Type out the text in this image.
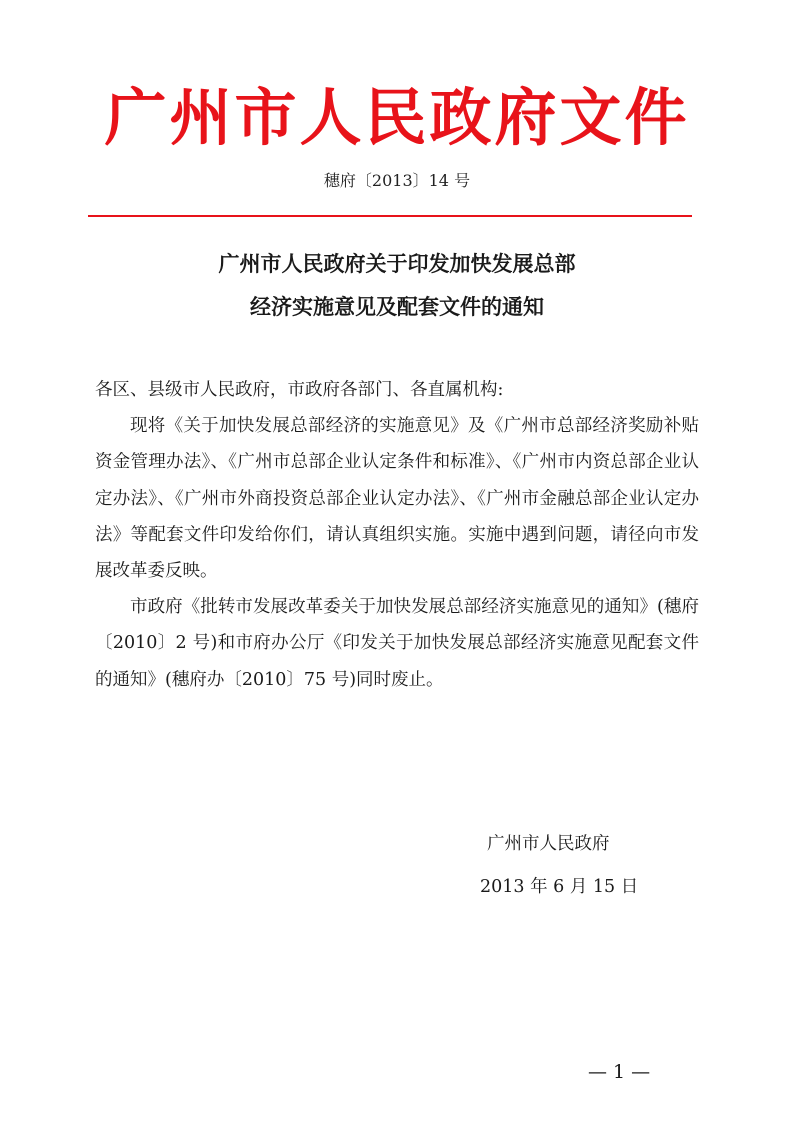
广州市人民政府文件
穗府〔2013〕14 号
广州市人民政府关于印发加快发展总部
经济实施意见及配套文件的通知

各区、县级市人民政府，市政府各部门、各直属机构:

现将《关于加快发展总部经济的实施意见》及《广州市总部经济奖励补贴资金管理办法》、《广州市总部企业认定条件和标准》、《广州市内资总部企业认定办法》、《广州市外商投资总部企业认定办法》、《广州市金融总部企业认定办法》等配套文件印发给你们，请认真组织实施。实施中遇到问题，请径向市发展改革委反映。

市政府《批转市发展改革委关于加快发展总部经济实施意见的通知》(穗府〔2010〕2 号)和市府办公厅《印发关于加快发展总部经济实施意见配套文件的通知》(穗府办〔2010〕75 号)同时废止。

广州市人民政府
2013 年 6 月 15 日
— 1 —
